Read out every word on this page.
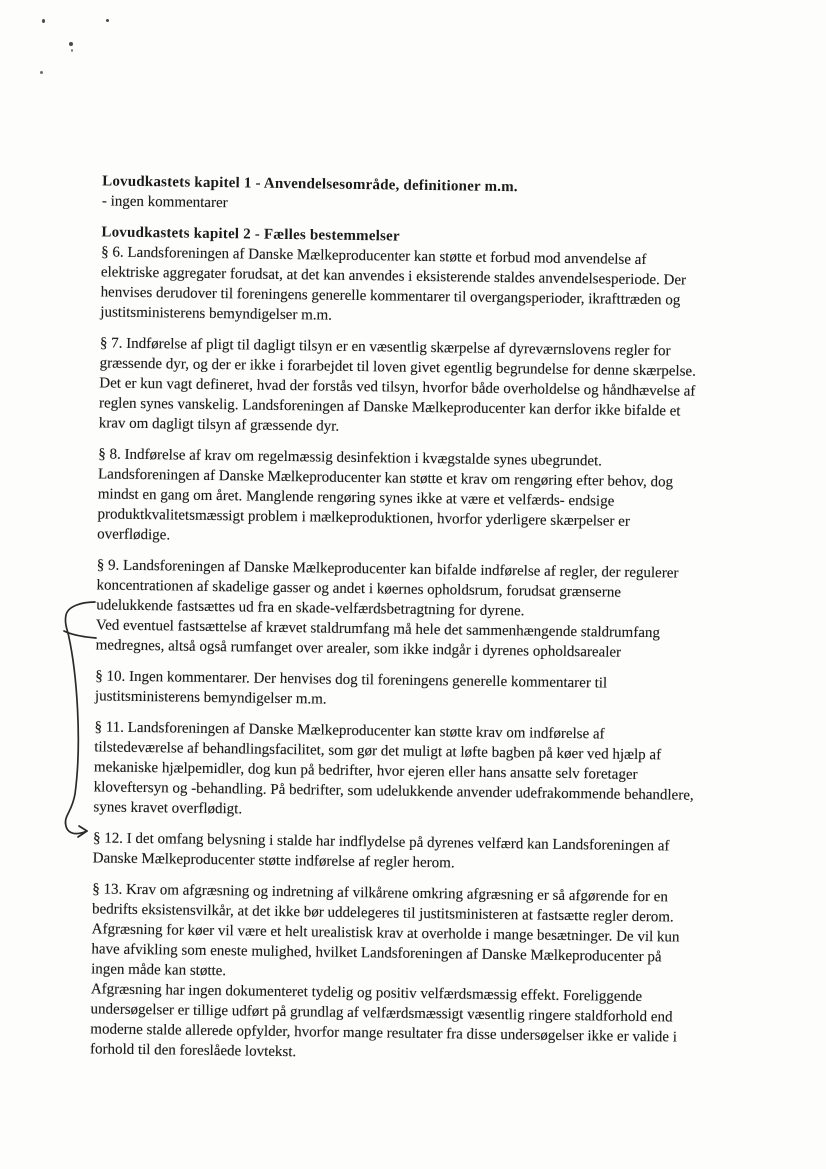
Lovudkastets kapitel 1 - Anvendelsesområde, definitioner m.m.
- ingen kommentarer
Lovudkastets kapitel 2 - Fælles bestemmelser
§ 6. Landsforeningen af Danske Mælkeproducenter kan støtte et forbud mod anvendelse af
elektriske aggregater forudsat, at det kan anvendes i eksisterende staldes anvendelsesperiode. Der
henvises derudover til foreningens generelle kommentarer til overgangsperioder, ikrafttræden og
justitsministerens bemyndigelser m.m.
§ 7. Indførelse af pligt til dagligt tilsyn er en væsentlig skærpelse af dyreværnslovens regler for
græssende dyr, og der er ikke i forarbejdet til loven givet egentlig begrundelse for denne skærpelse.
Det er kun vagt defineret, hvad der forstås ved tilsyn, hvorfor både overholdelse og håndhævelse af
reglen synes vanskelig. Landsforeningen af Danske Mælkeproducenter kan derfor ikke bifalde et
krav om dagligt tilsyn af græssende dyr.
§ 8. Indførelse af krav om regelmæssig desinfektion i kvægstalde synes ubegrundet.
Landsforeningen af Danske Mælkeproducenter kan støtte et krav om rengøring efter behov, dog
mindst en gang om året. Manglende rengøring synes ikke at være et velfærds- endsige
produktkvalitetsmæssigt problem i mælkeproduktionen, hvorfor yderligere skærpelser er
overflødige.
§ 9. Landsforeningen af Danske Mælkeproducenter kan bifalde indførelse af regler, der regulerer
koncentrationen af skadelige gasser og andet i køernes opholdsrum, forudsat grænserne
udelukkende fastsættes ud fra en skade-velfærdsbetragtning for dyrene.
Ved eventuel fastsættelse af krævet staldrumfang må hele det sammenhængende staldrumfang
medregnes, altså også rumfanget over arealer, som ikke indgår i dyrenes opholdsarealer
§ 10. Ingen kommentarer. Der henvises dog til foreningens generelle kommentarer til
justitsministerens bemyndigelser m.m.
§ 11. Landsforeningen af Danske Mælkeproducenter kan støtte krav om indførelse af
tilstedeværelse af behandlingsfacilitet, som gør det muligt at løfte bagben på køer ved hjælp af
mekaniske hjælpemidler, dog kun på bedrifter, hvor ejeren eller hans ansatte selv foretager
kloveftersyn og -behandling. På bedrifter, som udelukkende anvender udefrakommende behandlere,
synes kravet overflødigt.
§ 12. I det omfang belysning i stalde har indflydelse på dyrenes velfærd kan Landsforeningen af
Danske Mælkeproducenter støtte indførelse af regler herom.
§ 13. Krav om afgræsning og indretning af vilkårene omkring afgræsning er så afgørende for en
bedrifts eksistensvilkår, at det ikke bør uddelegeres til justitsministeren at fastsætte regler derom.
Afgræsning for køer vil være et helt urealistisk krav at overholde i mange besætninger. De vil kun
have afvikling som eneste mulighed, hvilket Landsforeningen af Danske Mælkeproducenter på
ingen måde kan støtte.
Afgræsning har ingen dokumenteret tydelig og positiv velfærdsmæssig effekt. Foreliggende
undersøgelser er tillige udført på grundlag af velfærdsmæssigt væsentlig ringere staldforhold end
moderne stalde allerede opfylder, hvorfor mange resultater fra disse undersøgelser ikke er valide i
forhold til den foreslåede lovtekst.
